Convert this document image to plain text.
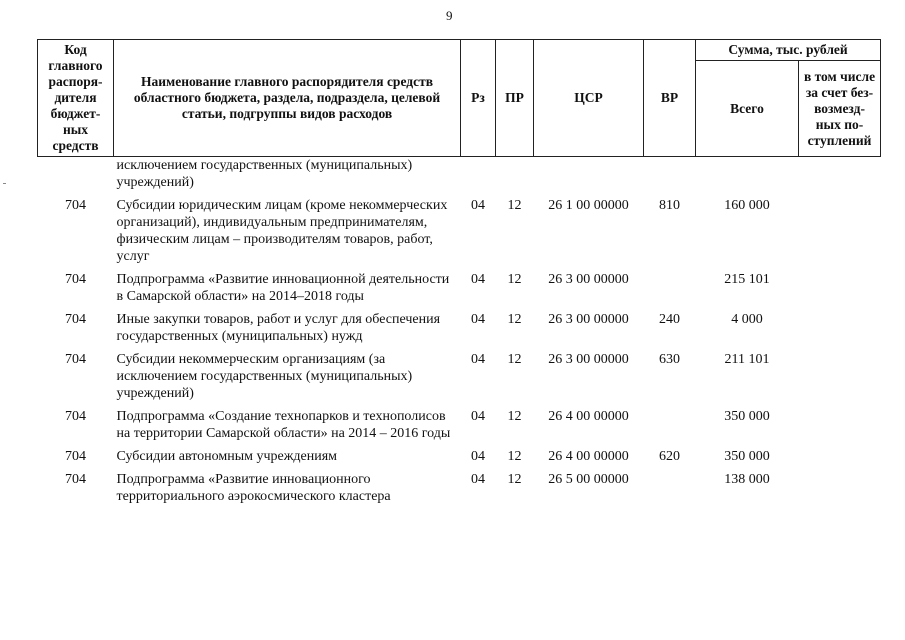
9
Код главного распоря-дителя бюджет-ных средств	Наименование главного распорядителя средств областного бюджета, раздела, подраздела, целевой статьи, подгруппы видов расходов	Рз	ПР	ЦСР	ВР	Сумма, тыс. рублей	
						Всего	в том числе за счет без-возмезд-ных по-ступлений
	исключением государственных (муниципальных) учреждений)						
704	Субсидии юридическим лицам (кроме некоммерческих организаций), индивидуальным предпринимателям, физическим лицам – производителям товаров, работ, услуг	04	12	26 1 00 00000	810	160 000	
704	Подпрограмма «Развитие инновационной деятельности в Самарской области» на 2014–2018 годы	04	12	26 3 00 00000		215 101	
704	Иные закупки товаров, работ и услуг для обеспечения государственных (муниципальных) нужд	04	12	26 3 00 00000	240	4 000	
704	Субсидии некоммерческим организациям (за исключением государственных (муниципальных) учреждений)	04	12	26 3 00 00000	630	211 101	
704	Подпрограмма «Создание технопарков и технополисов на территории Самарской области» на 2014 – 2016 годы	04	12	26 4 00 00000		350 000	
704	Субсидии автономным учреждениям	04	12	26 4 00 00000	620	350 000	
704	Подпрограмма «Развитие инновационного территориального аэрокосмического кластера	04	12	26 5 00 00000		138 000	
